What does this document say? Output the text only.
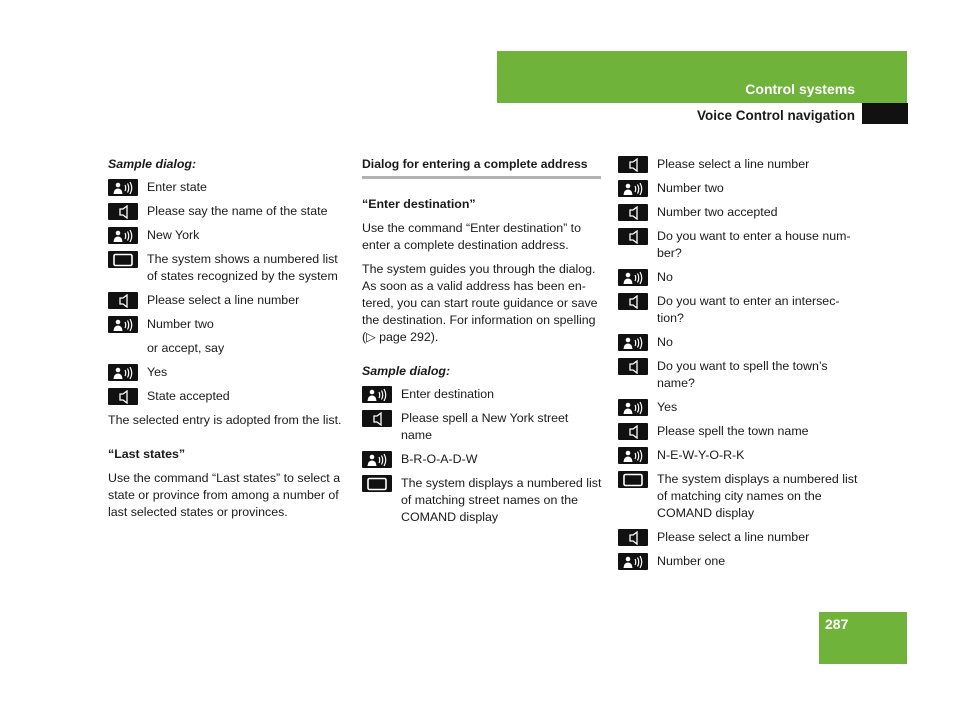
Control systems
Voice Control navigation

Sample dialog:

Enter state
Please say the name of the state
New York
The system shows a numbered list of states recognized by the system
Please select a line number
Number two

or accept, say

Yes
State accepted

The selected entry is adopted from the list.

“Last states”

Use the command “Last states” to select a state or province from among a number of last selected states or provinces.

Dialog for entering a complete address

“Enter destination”

Use the command “Enter destination” to enter a complete destination address.

The system guides you through the dialog. As soon as a valid address has been en-tered, you can start route guidance or save the destination. For information on spelling (▷ page 292).

Sample dialog:

Enter destination
Please spell a New York street name
B-R-O-A-D-W
The system displays a numbered list of matching street names on the COMAND display
Please select a line number
Number two
Number two accepted
Do you want to enter a house num-ber?
No
Do you want to enter an intersec-tion?
No
Do you want to spell the town’s name?
Yes
Please spell the town name
N-E-W-Y-O-R-K
The system displays a numbered list of matching city names on the COMAND display
Please select a line number
Number one
287
